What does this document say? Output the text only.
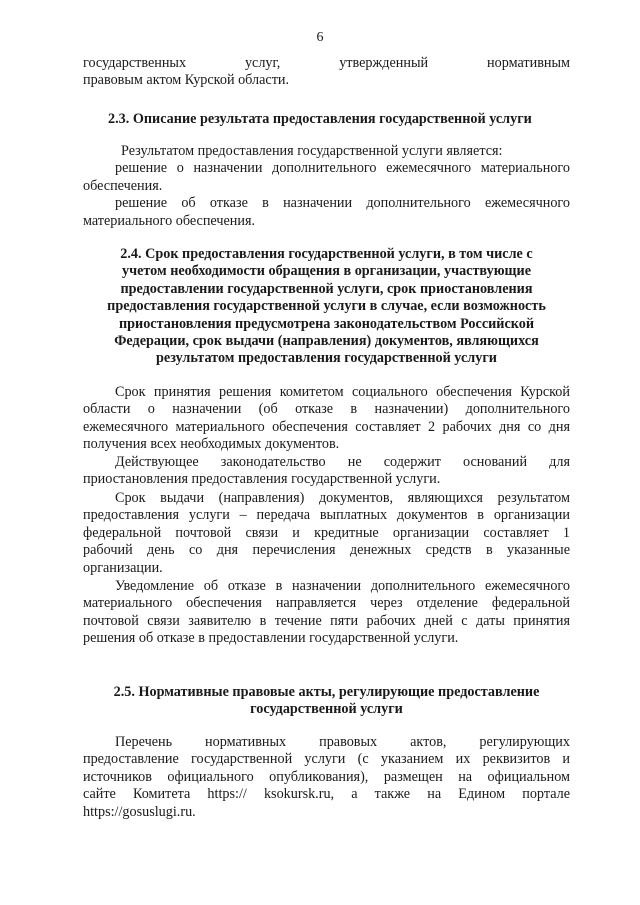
6
государственных услуг, утвержденный нормативным
правовым актом Курской области.
2.3. Описание результата предоставления государственной услуги
Результатом предоставления государственной услуги является:
решение о назначении дополнительного ежемесячного материального
обеспечения.
решение об отказе в назначении дополнительного ежемесячного
материального обеспечения.
2.4. Срок предоставления государственной услуги, в том числе с
учетом необходимости обращения в организации, участвующие
предоставлении государственной услуги, срок приостановления
предоставления государственной услуги в случае, если возможность
приостановления предусмотрена законодательством Российской
Федерации, срок выдачи (направления) документов, являющихся
результатом предоставления государственной услуги
Срок принятия решения комитетом социального обеспечения Курской
области о назначении (об отказе в назначении) дополнительного
ежемесячного материального обеспечения составляет 2 рабочих дня со дня
получения всех необходимых документов.
Действующее законодательство не содержит оснований для
приостановления предоставления государственной услуги.
Срок выдачи (направления) документов, являющихся результатом
предоставления услуги – передача выплатных документов в организации
федеральной почтовой связи и кредитные организации составляет 1
рабочий день со дня перечисления денежных средств в указанные
организации.
Уведомление об отказе в назначении дополнительного ежемесячного
материального обеспечения направляется через отделение федеральной
почтовой связи заявителю в течение пяти рабочих дней с даты принятия
решения об отказе в предоставлении государственной услуги.
2.5. Нормативные правовые акты, регулирующие предоставление
государственной услуги
Перечень нормативных правовых актов, регулирующих
предоставление государственной услуги (с указанием их реквизитов и
источников официального опубликования), размещен на официальном
сайте Комитета https:// ksokursk.ru, а также на Едином портале
https://gosuslugi.ru.
